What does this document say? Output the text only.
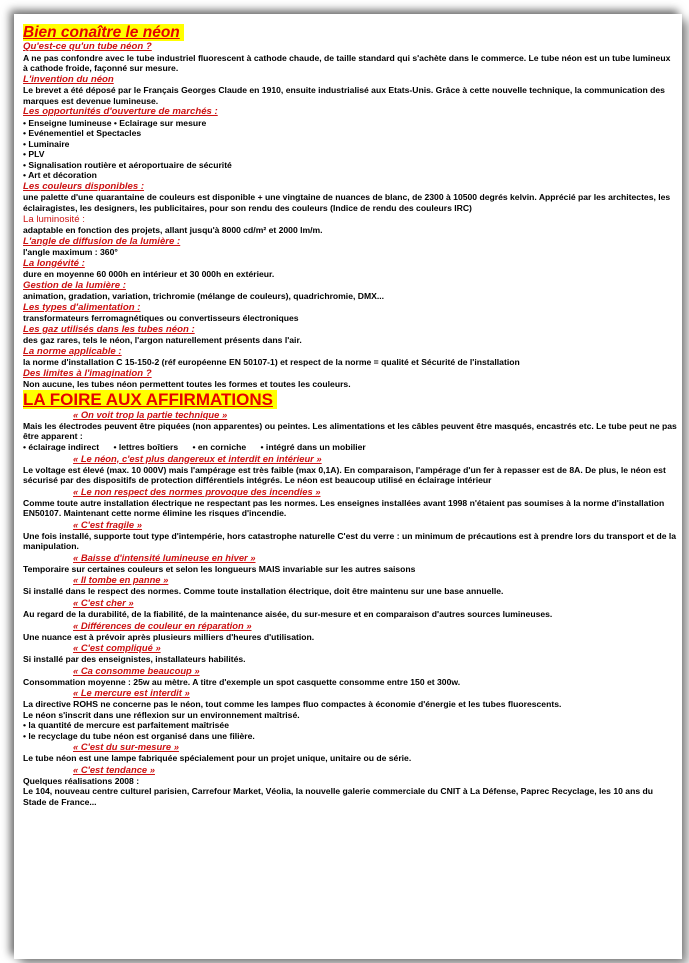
Bien conaître le néon
Qu'est-ce qu'un tube néon ?

A ne pas confondre avec le tube industriel fluorescent à cathode chaude, de taille standard qui s'achète dans le commerce. Le tube néon est un tube lumineux à cathode froide, façonné sur mesure.

L'invention du néon

Le brevet a été déposé par le Français Georges Claude en 1910, ensuite industrialisé aux Etats-Unis. Grâce à cette nouvelle technique, la communication des marques est devenue lumineuse.

Les opportunités d'ouverture de marchés :
• Enseigne lumineuse • Eclairage sur mesure
• Evénementiel et Spectacles
• Luminaire
• PLV
• Signalisation routière et aéroportuaire de sécurité
• Art et décoration
Les couleurs disponibles :

une palette d'une quarantaine de couleurs est disponible + une vingtaine de nuances de blanc, de 2300 à 10500 degrés kelvin. Apprécié par les architectes, les éclairagistes, les designers, les publicitaires, pour son rendu des couleurs (Indice de rendu des couleurs IRC)

La luminosité :

adaptable en fonction des projets, allant jusqu'à 8000 cd/m² et 2000 lm/m.

L'angle de diffusion de la lumière :

l'angle maximum : 360°

La longévité :

dure en moyenne 60 000h en intérieur et 30 000h en extérieur.

Gestion de la lumière :

animation, gradation, variation, trichromie (mélange de couleurs), quadrichromie, DMX...

Les types d'alimentation :

transformateurs ferromagnétiques ou convertisseurs électroniques

Les gaz utilisés dans les tubes néon :

des gaz rares, tels le néon, l'argon naturellement présents dans l'air.

La norme applicable :

la norme d'installation C 15-150-2 (réf européenne EN 50107-1) et respect de la norme = qualité et Sécurité de l'installation

Des limites à l'imagination ?

Non aucune, les tubes néon permettent toutes les formes et toutes les couleurs.

LA FOIRE AUX AFFIRMATIONS
« On voit trop la partie technique »

Mais les électrodes peuvent être piquées (non apparentes) ou peintes. Les alimentations et les câbles peuvent être masqués, encastrés etc. Le tube peut ne pas être apparent :

• éclairage indirect • lettres boîtiers • en corniche • intégré dans un mobilier
« Le néon, c'est plus dangereux et interdit en intérieur »

Le voltage est élevé (max. 10 000V) mais l'ampérage est très faible (max 0,1A). En comparaison, l'ampérage d'un fer à repasser est de 8A. De plus, le néon est sécurisé par des dispositifs de protection différentiels intégrés. Le néon est beaucoup utilisé en éclairage intérieur

« Le non respect des normes provoque des incendies »

Comme toute autre installation électrique ne respectant pas les normes. Les enseignes installées avant 1998 n'étaient pas soumises à la norme d'installation EN50107. Maintenant cette norme élimine les risques d'incendie.

« C'est fragile »

Une fois installé, supporte tout type d'intempérie, hors catastrophe naturelle C'est du verre : un minimum de précautions est à prendre lors du transport et de la manipulation.

« Baisse d'intensité lumineuse en hiver »

Temporaire sur certaines couleurs et selon les longueurs MAIS invariable sur les autres saisons

« Il tombe en panne »

Si installé dans le respect des normes. Comme toute installation électrique, doit être maintenu sur une base annuelle.

« C'est cher »

Au regard de la durabilité, de la fiabilité, de la maintenance aisée, du sur-mesure et en comparaison d'autres sources lumineuses.

« Différences de couleur en réparation »

Une nuance est à prévoir après plusieurs milliers d'heures d'utilisation.

« C'est compliqué »

Si installé par des enseignistes, installateurs habilités.

« Ca consomme beaucoup »

Consommation moyenne : 25w au mètre. A titre d'exemple un spot casquette consomme entre 150 et 300w.

« Le mercure est interdit »
La directive ROHS ne concerne pas le néon, tout comme les lampes fluo compactes à économie d'énergie et les tubes fluorescents.
Le néon s'inscrit dans une réflexion sur un environnement maîtrisé.
• la quantité de mercure est parfaitement maîtrisée
• le recyclage du tube néon est organisé dans une filière.
« C'est du sur-mesure »

Le tube néon est une lampe fabriquée spécialement pour un projet unique, unitaire ou de série.

« C'est tendance »
Quelques réalisations 2008 :
Le 104, nouveau centre culturel parisien, Carrefour Market, Véolia, la nouvelle galerie commerciale du CNIT à La Défense, Paprec Recyclage, les 10 ans du Stade de France...
